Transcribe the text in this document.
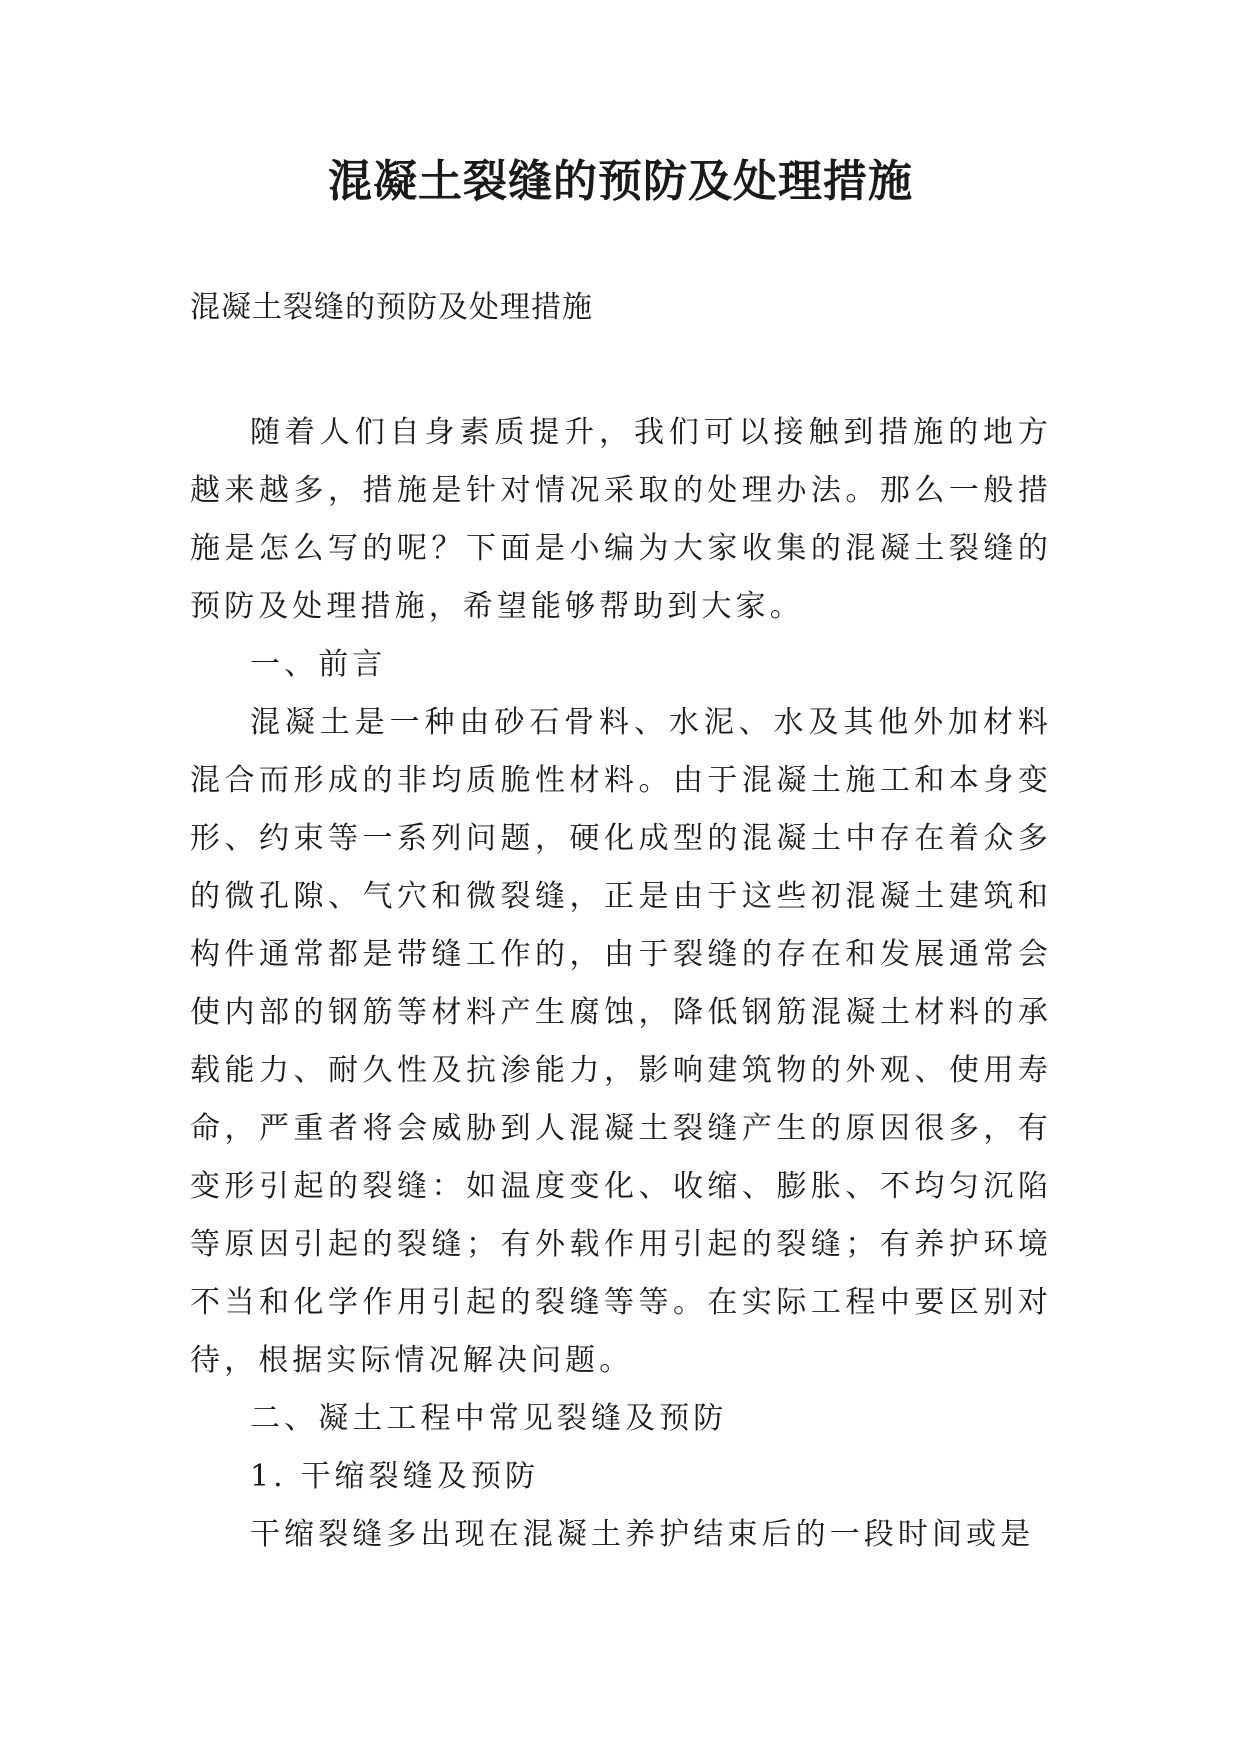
混凝土裂缝的预防及处理措施

混凝土裂缝的预防及处理措施

随着人们自身素质提升，我们可以接触到措施的地方越来越多，措施是针对情况采取的处理办法。那么一般措施是怎么写的呢？下面是小编为大家收集的混凝土裂缝的预防及处理措施，希望能够帮助到大家。

一、前言

混凝土是一种由砂石骨料、水泥、水及其他外加材料混合而形成的非均质脆性材料。由于混凝土施工和本身变形、约束等一系列问题，硬化成型的混凝土中存在着众多的微孔隙、气穴和微裂缝，正是由于这些初混凝土建筑和构件通常都是带缝工作的，由于裂缝的存在和发展通常会使内部的钢筋等材料产生腐蚀，降低钢筋混凝土材料的承载能力、耐久性及抗渗能力，影响建筑物的外观、使用寿命，严重者将会威胁到人混凝土裂缝产生的原因很多，有变形引起的裂缝：如温度变化、收缩、膨胀、不均匀沉陷等原因引起的裂缝；有外载作用引起的裂缝；有养护环境不当和化学作用引起的裂缝等等。在实际工程中要区别对待，根据实际情况解决问题。

二、凝土工程中常见裂缝及预防

1. 干缩裂缝及预防

干缩裂缝多出现在混凝土养护结束后的一段时间或是
